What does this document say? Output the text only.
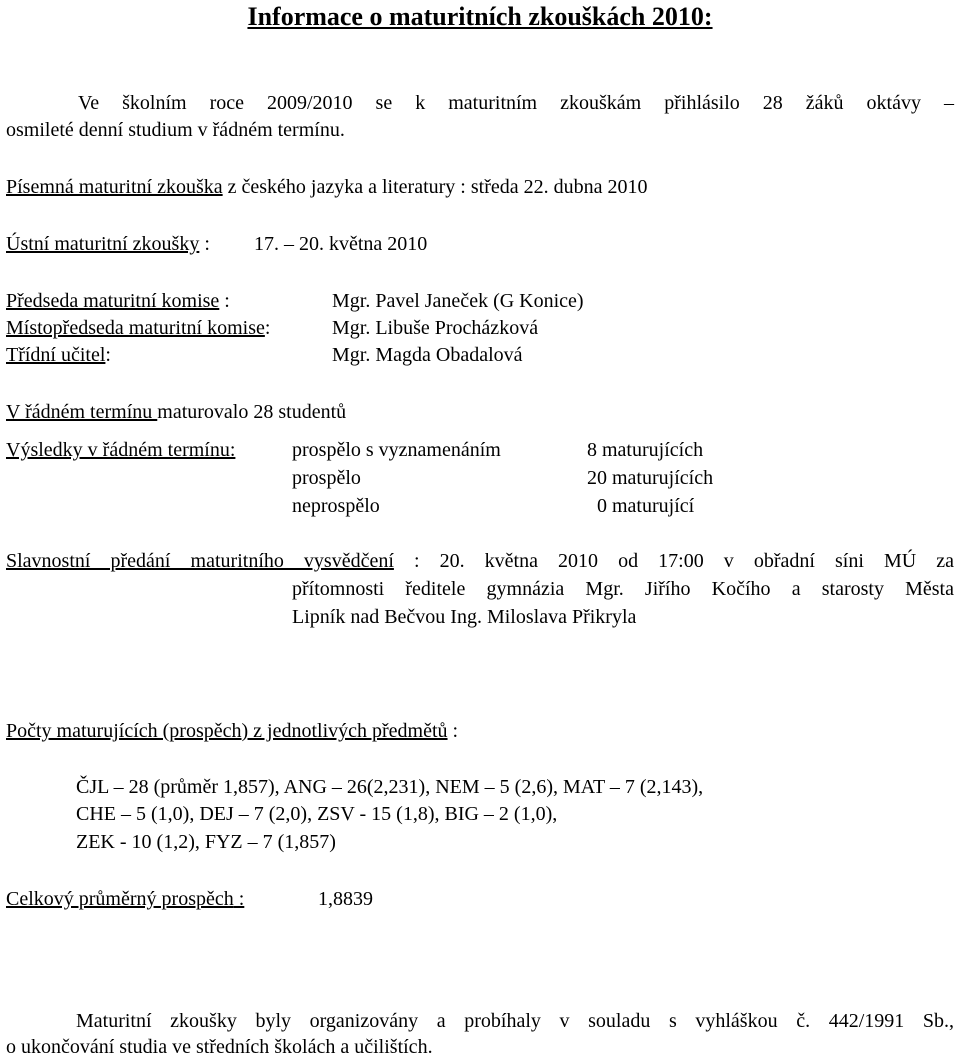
Informace o maturitních zkouškách 2010:
Ve školním roce 2009/2010 se k maturitním zkouškám přihlásilo 28 žáků oktávy –
osmileté denní studium v řádném termínu.
Písemná maturitní zkouška z českého jazyka a literatury : středa 22. dubna 2010
Ústní maturitní zkoušky : 17. – 20. května 2010
Předseda maturitní komise :	Mgr. Pavel Janeček (G Konice)
Místopředseda maturitní komise:	Mgr. Libuše Procházková
Třídní učitel:	Mgr. Magda Obadalová
V řádném termínu maturovalo 28 studentů
Výsledky v řádném termínu:	prospělo s vyznamenáním	8 maturujících
prospělo	20 maturujících
neprospělo	0 maturující
Slavnostní předání maturitního vysvědčení : 20. května 2010 od 17:00 v obřadní síni MÚ za
přítomnosti ředitele gymnázia Mgr. Jiřího Kočího a starosty Města
Lipník nad Bečvou Ing. Miloslava Přikryla
Počty maturujících (prospěch) z jednotlivých předmětů :
ČJL – 28 (průměr 1,857), ANG – 26(2,231), NEM – 5 (2,6), MAT – 7 (2,143),
CHE – 5 (1,0), DEJ – 7 (2,0), ZSV - 15 (1,8), BIG – 2 (1,0),
ZEK - 10 (1,2), FYZ – 7 (1,857)
Celkový průměrný prospěch :	1,8839
Maturitní zkoušky byly organizovány a probíhaly v souladu s vyhláškou č. 442/1991 Sb.,
o ukončování studia ve středních školách a učilištích.
